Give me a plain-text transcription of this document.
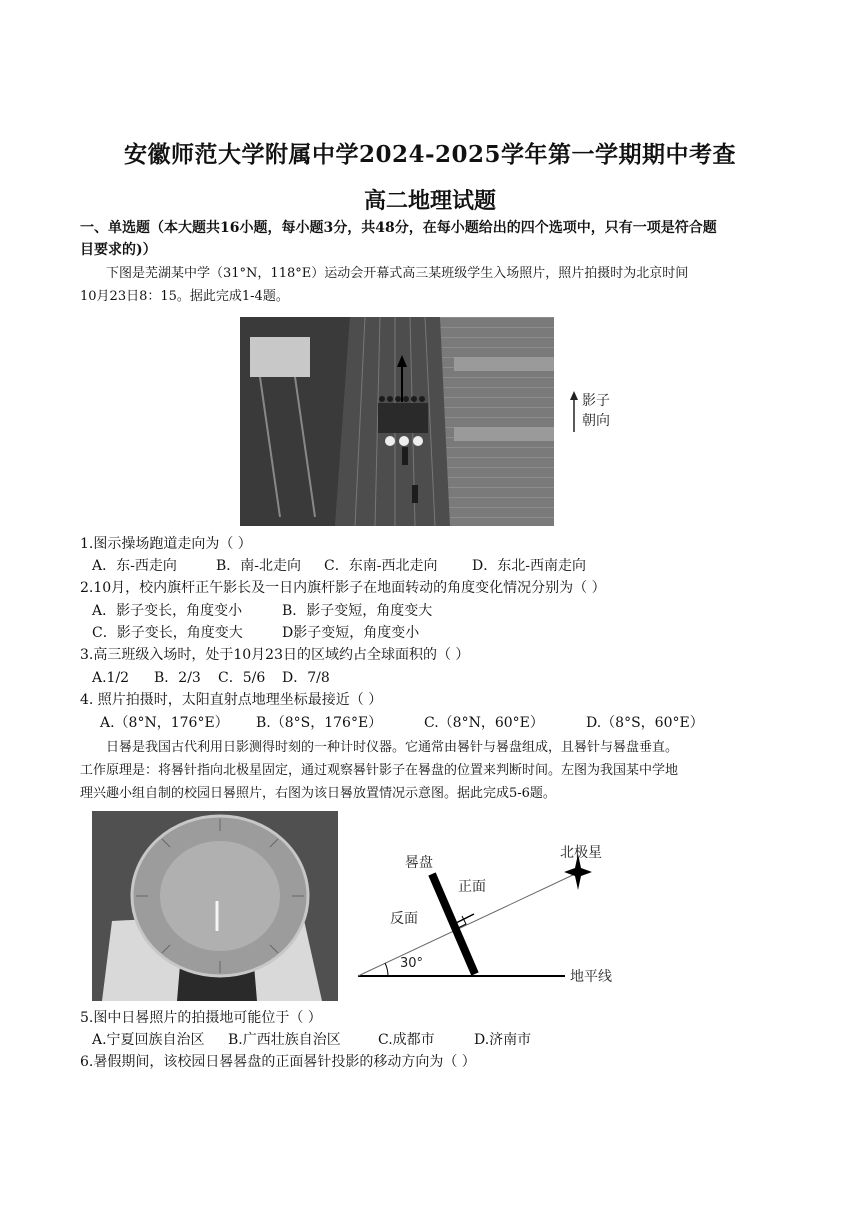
安徽师范大学附属中学2024-2025学年第一学期期中考查
高二地理试题
一、单选题（本大题共16小题，每小题3分，共48分，在每小题给出的四个选项中，只有一项是符合题
目要求的)）
下图是芜湖某中学（31°N，118°E）运动会开幕式高三某班级学生入场照片，照片拍摄时为北京时间
10月23日8：15。据此完成1-4题。
影子
朝向
1.图示操场跑道走向为（ ）
A．东-西走向	B．南-北走向 C．东南-西北走向 D．东北-西南走向
2.10月，校内旗杆正午影长及一日内旗杆影子在地面转动的角度变化情况分别为（ ）
A．影子变长，角度变小	B．影子变短，角度变大
C．影子变长，角度变大	D影子变短，角度变小
3.高三班级入场时，处于10月23日的区域约占全球面积的（ ）
A.1/2 B．2/3 C．5/6 D．7/8
4. 照片拍摄时，太阳直射点地理坐标最接近（ ）
A.（8°N，176°E） B.（8°S，176°E）	C.（8°N，60°E）	D.（8°S，60°E）
日晷是我国古代利用日影测得时刻的一种计时仪器。它通常由晷针与晷盘组成，且晷针与晷盘垂直。
工作原理是：将晷针指向北极星固定，通过观察晷针影子在晷盘的位置来判断时间。左图为我国某中学地
理兴趣小组自制的校园日晷照片，右图为该日晷放置情况示意图。据此完成5-6题。
晷盘
正面
反面
北极星
地平线
30°
5.图中日晷照片的拍摄地可能位于（ ）
A.宁夏回族自治区 B.广西壮族自治区	C.成都市	D.济南市
6.暑假期间，该校园日晷晷盘的正面晷针投影的移动方向为（ ）
